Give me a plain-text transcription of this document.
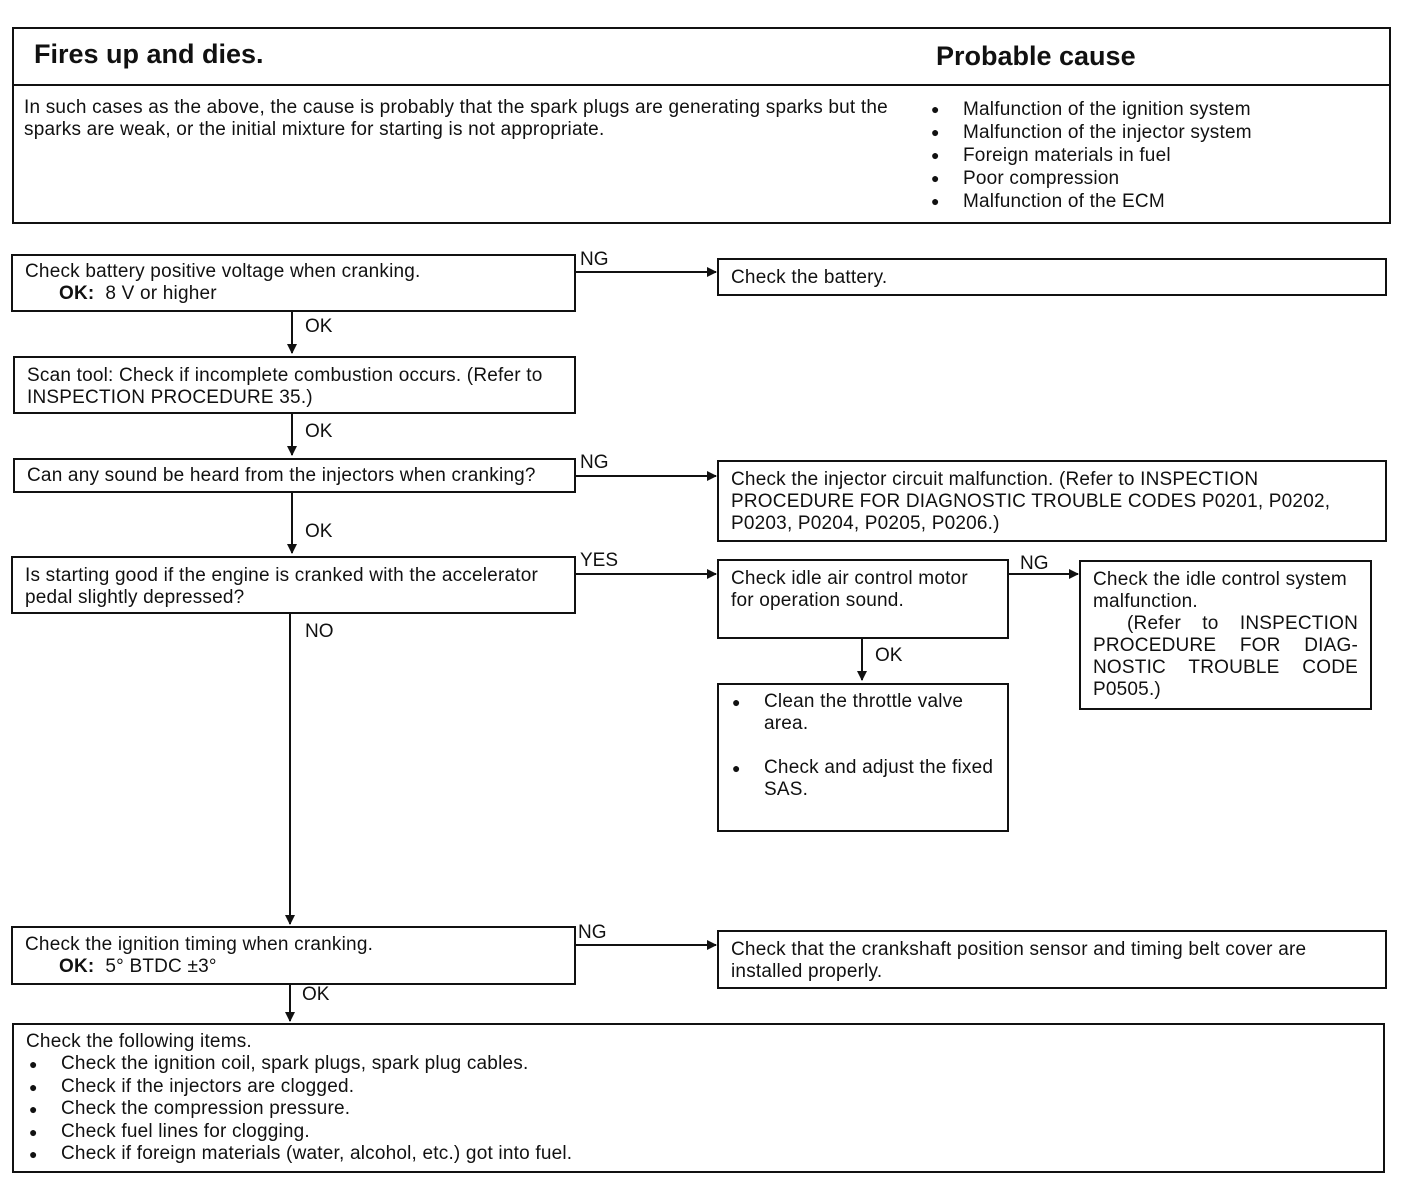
Fires up and dies.	Probable cause
In such cases as the above, the cause is probably that the spark plugs are generating sparks but the sparks are weak, or the initial mixture for starting is not appropriate.
● Malfunction of the ignition system
● Malfunction of the injector system
● Foreign materials in fuel
● Poor compression
● Malfunction of the ECM
Check battery positive voltage when cranking.
OK: 8 V or higher
NG
Check the battery.
OK
Scan tool: Check if incomplete combustion occurs. (Refer to INSPECTION PROCEDURE 35.)
OK
Can any sound be heard from the injectors when cranking?
NG
Check the injector circuit malfunction. (Refer to INSPECTION PROCEDURE FOR DIAGNOSTIC TROUBLE CODES P0201, P0202, P0203, P0204, P0205, P0206.)
OK
Is starting good if the engine is cranked with the accelerator pedal slightly depressed?
YES
Check idle air control motor for operation sound.
NG
Check the idle control system malfunction.
(Refer to INSPECTION PROCEDURE FOR DIAG-NOSTIC TROUBLE CODE P0505.)
OK
● Clean the throttle valve area.
● Check and adjust the fixed SAS.
NO
Check the ignition timing when cranking.
OK: 5° BTDC ±3°
NG
Check that the crankshaft position sensor and timing belt cover are installed properly.
OK
Check the following items.
● Check the ignition coil, spark plugs, spark plug cables.
● Check if the injectors are clogged.
● Check the compression pressure.
● Check fuel lines for clogging.
● Check if foreign materials (water, alcohol, etc.) got into fuel.
